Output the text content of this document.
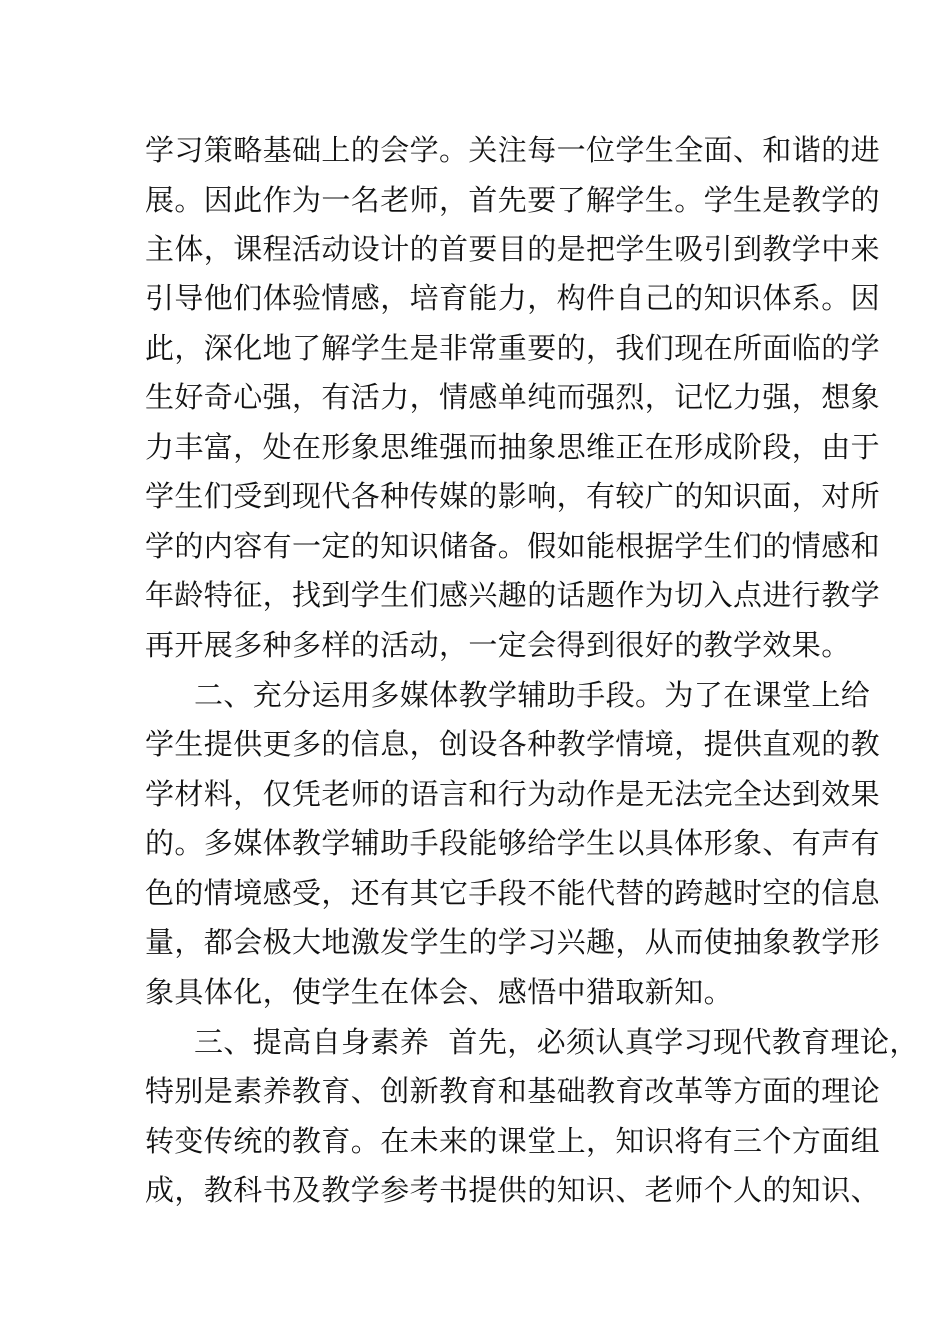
学习策略基础上的会学。关注每一位学生全面、和谐的进
展。因此作为一名老师，首先要了解学生。学生是教学的
主体，课程活动设计的首要目的是把学生吸引到教学中来
引导他们体验情感，培育能力，构件自己的知识体系。因
此，深化地了解学生是非常重要的，我们现在所面临的学
生好奇心强，有活力，情感单纯而强烈，记忆力强，想象
力丰富，处在形象思维强而抽象思维正在形成阶段，由于
学生们受到现代各种传媒的影响，有较广的知识面，对所
学的内容有一定的知识储备。假如能根据学生们的情感和
年龄特征，找到学生们感兴趣的话题作为切入点进行教学
再开展多种多样的活动，一定会得到很好的教学效果。
二、充分运用多媒体教学辅助手段。为了在课堂上给
学生提供更多的信息，创设各种教学情境，提供直观的教
学材料，仅凭老师的语言和行为动作是无法完全达到效果
的。多媒体教学辅助手段能够给学生以具体形象、有声有
色的情境感受，还有其它手段不能代替的跨越时空的信息
量，都会极大地激发学生的学习兴趣，从而使抽象教学形
象具体化，使学生在体会、感悟中猎取新知。
三、提高自身素养  首先，必须认真学习现代教育理论，
特别是素养教育、创新教育和基础教育改革等方面的理论
转变传统的教育。在未来的课堂上，知识将有三个方面组
成，教科书及教学参考书提供的知识、老师个人的知识、
